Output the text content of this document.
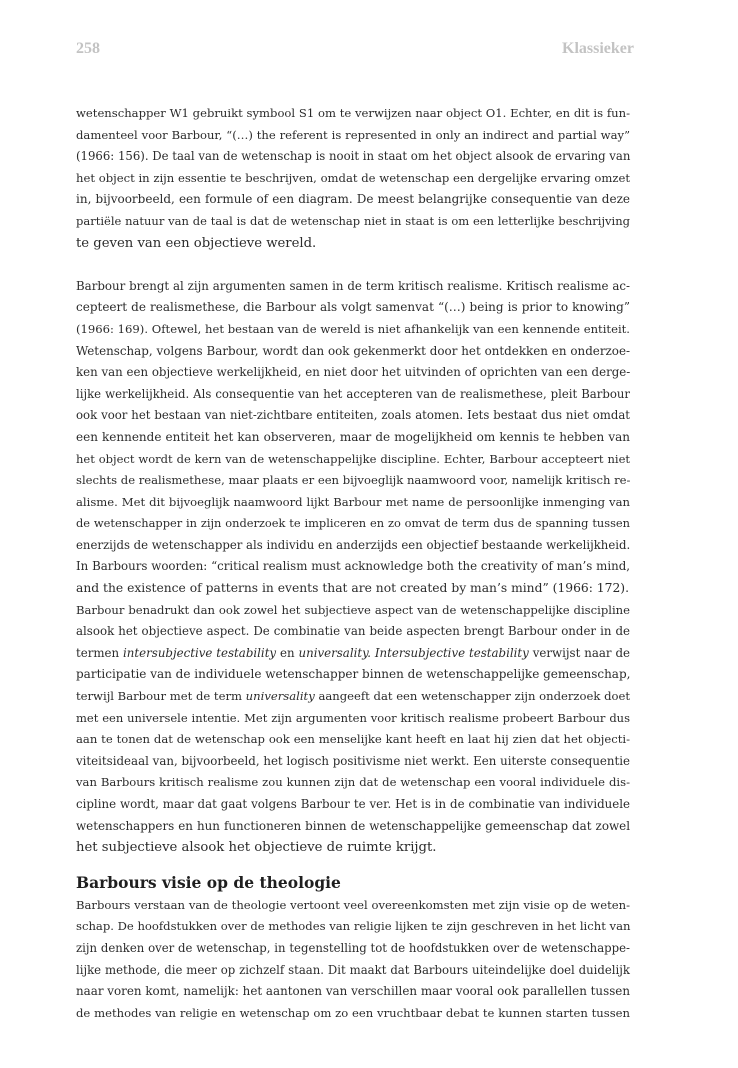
258	Klassieker
wetenschapper W1 gebruikt symbool S1 om te verwijzen naar object O1. Echter, en dit is fun-
damenteel voor Barbour, “(…) the referent is represented in only an indirect and partial way”
(1966: 156). De taal van de wetenschap is nooit in staat om het object alsook de ervaring van
het object in zijn essentie te beschrijven, omdat de wetenschap een dergelijke ervaring omzet
in, bijvoorbeeld, een formule of een diagram. De meest belangrijke consequentie van deze
partiële natuur van de taal is dat de wetenschap niet in staat is om een letterlijke beschrijving
te geven van een objectieve wereld.
Barbour brengt al zijn argumenten samen in de term kritisch realisme. Kritisch realisme ac-
cepteert de realismethese, die Barbour als volgt samenvat “(…) being is prior to knowing”
(1966: 169). Oftewel, het bestaan van de wereld is niet afhankelijk van een kennende entiteit.
Wetenschap, volgens Barbour, wordt dan ook gekenmerkt door het ontdekken en onderzoe-
ken van een objectieve werkelijkheid, en niet door het uitvinden of oprichten van een derge-
lijke werkelijkheid. Als consequentie van het accepteren van de realismethese, pleit Barbour
ook voor het bestaan van niet-zichtbare entiteiten, zoals atomen. Iets bestaat dus niet omdat
een kennende entiteit het kan observeren, maar de mogelijkheid om kennis te hebben van
het object wordt de kern van de wetenschappelijke discipline. Echter, Barbour accepteert niet
slechts de realismethese, maar plaats er een bijvoeglijk naamwoord voor, namelijk kritisch re-
alisme. Met dit bijvoeglijk naamwoord lijkt Barbour met name de persoonlijke inmenging van
de wetenschapper in zijn onderzoek te impliceren en zo omvat de term dus de spanning tussen
enerzijds de wetenschapper als individu en anderzijds een objectief bestaande werkelijkheid.
In Barbours woorden: “critical realism must acknowledge both the creativity of man’s mind,
and the existence of patterns in events that are not created by man’s mind” (1966: 172).
Barbour benadrukt dan ook zowel het subjectieve aspect van de wetenschappelijke discipline
alsook het objectieve aspect. De combinatie van beide aspecten brengt Barbour onder in de
termen intersubjective testability en universality. Intersubjective testability verwijst naar de
participatie van de individuele wetenschapper binnen de wetenschappelijke gemeenschap,
terwijl Barbour met de term universality aangeeft dat een wetenschapper zijn onderzoek doet
met een universele intentie. Met zijn argumenten voor kritisch realisme probeert Barbour dus
aan te tonen dat de wetenschap ook een menselijke kant heeft en laat hij zien dat het objecti-
viteitsideaal van, bijvoorbeeld, het logisch positivisme niet werkt. Een uiterste consequentie
van Barbours kritisch realisme zou kunnen zijn dat de wetenschap een vooral individuele dis-
cipline wordt, maar dat gaat volgens Barbour te ver. Het is in de combinatie van individuele
wetenschappers en hun functioneren binnen de wetenschappelijke gemeenschap dat zowel
het subjectieve alsook het objectieve de ruimte krijgt.
Barbours visie op de theologie
Barbours verstaan van de theologie vertoont veel overeenkomsten met zijn visie op de weten-
schap. De hoofdstukken over de methodes van religie lijken te zijn geschreven in het licht van
zijn denken over de wetenschap, in tegenstelling tot de hoofdstukken over de wetenschappe-
lijke methode, die meer op zichzelf staan. Dit maakt dat Barbours uiteindelijke doel duidelijk
naar voren komt, namelijk: het aantonen van verschillen maar vooral ook parallellen tussen
de methodes van religie en wetenschap om zo een vruchtbaar debat te kunnen starten tussen
